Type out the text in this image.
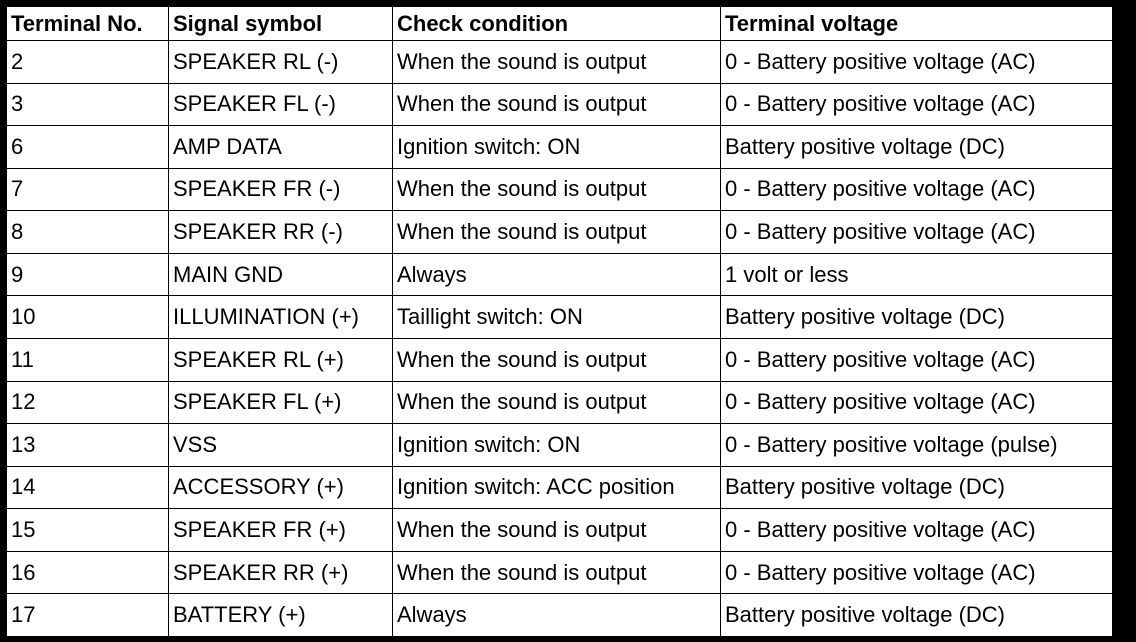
Terminal No.	Signal symbol	Check condition	Terminal voltage
2	SPEAKER RL (-)	When the sound is output	0 - Battery positive voltage (AC)
3	SPEAKER FL (-)	When the sound is output	0 - Battery positive voltage (AC)
6	AMP DATA	Ignition switch: ON	Battery positive voltage (DC)
7	SPEAKER FR (-)	When the sound is output	0 - Battery positive voltage (AC)
8	SPEAKER RR (-)	When the sound is output	0 - Battery positive voltage (AC)
9	MAIN GND	Always	1 volt or less
10	ILLUMINATION (+)	Taillight switch: ON	Battery positive voltage (DC)
11	SPEAKER RL (+)	When the sound is output	0 - Battery positive voltage (AC)
12	SPEAKER FL (+)	When the sound is output	0 - Battery positive voltage (AC)
13	VSS	Ignition switch: ON	0 - Battery positive voltage (pulse)
14	ACCESSORY (+)	Ignition switch: ACC position	Battery positive voltage (DC)
15	SPEAKER FR (+)	When the sound is output	0 - Battery positive voltage (AC)
16	SPEAKER RR (+)	When the sound is output	0 - Battery positive voltage (AC)
17	BATTERY (+)	Always	Battery positive voltage (DC)
